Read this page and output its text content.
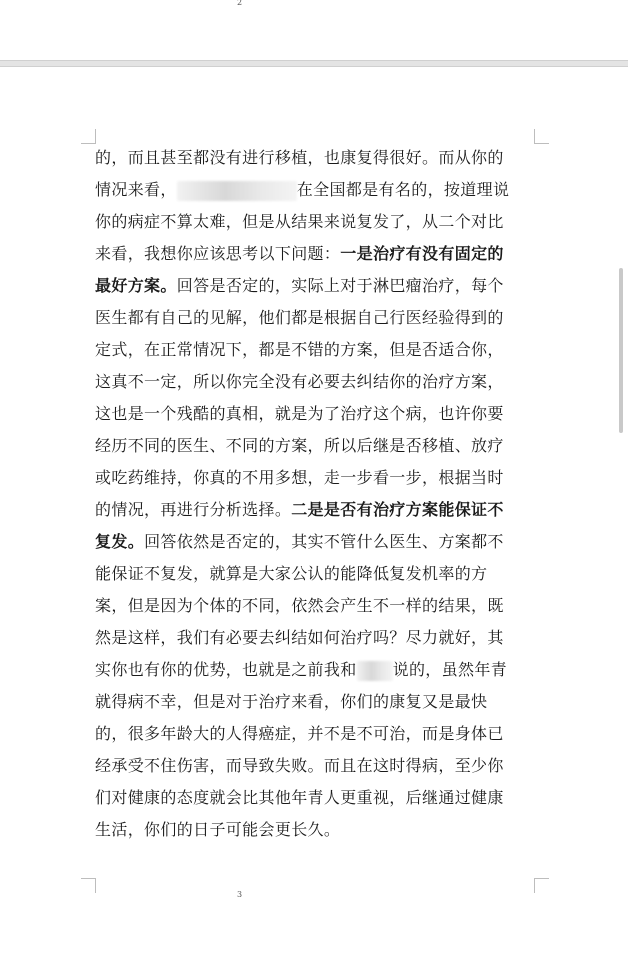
2
的，而且甚至都没有进行移植，也康复得很好。而从你的
情况来看，	在全国都是有名的，按道理说
你的病症不算太难，但是从结果来说复发了，从二个对比
来看，我想你应该思考以下问题：一是治疗有没有固定的
最好方案。回答是否定的，实际上对于淋巴瘤治疗，每个
医生都有自己的见解，他们都是根据自己行医经验得到的
定式，在正常情况下，都是不错的方案，但是否适合你，
这真不一定，所以你完全没有必要去纠结你的治疗方案，
这也是一个残酷的真相，就是为了治疗这个病，也许你要
经历不同的医生、不同的方案，所以后继是否移植、放疗
或吃药维持，你真的不用多想，走一步看一步，根据当时
的情况，再进行分析选择。二是是否有治疗方案能保证不
复发。回答依然是否定的，其实不管什么医生、方案都不
能保证不复发，就算是大家公认的能降低复发机率的方
案，但是因为个体的不同，依然会产生不一样的结果，既
然是这样，我们有必要去纠结如何治疗吗？尽力就好，其
实你也有你的优势，也就是之前我和 说的，虽然年青
就得病不幸，但是对于治疗来看，你们的康复又是最快
的，很多年龄大的人得癌症，并不是不可治，而是身体已
经承受不住伤害，而导致失败。而且在这时得病，至少你
们对健康的态度就会比其他年青人更重视，后继通过健康
生活，你们的日子可能会更长久。
3
